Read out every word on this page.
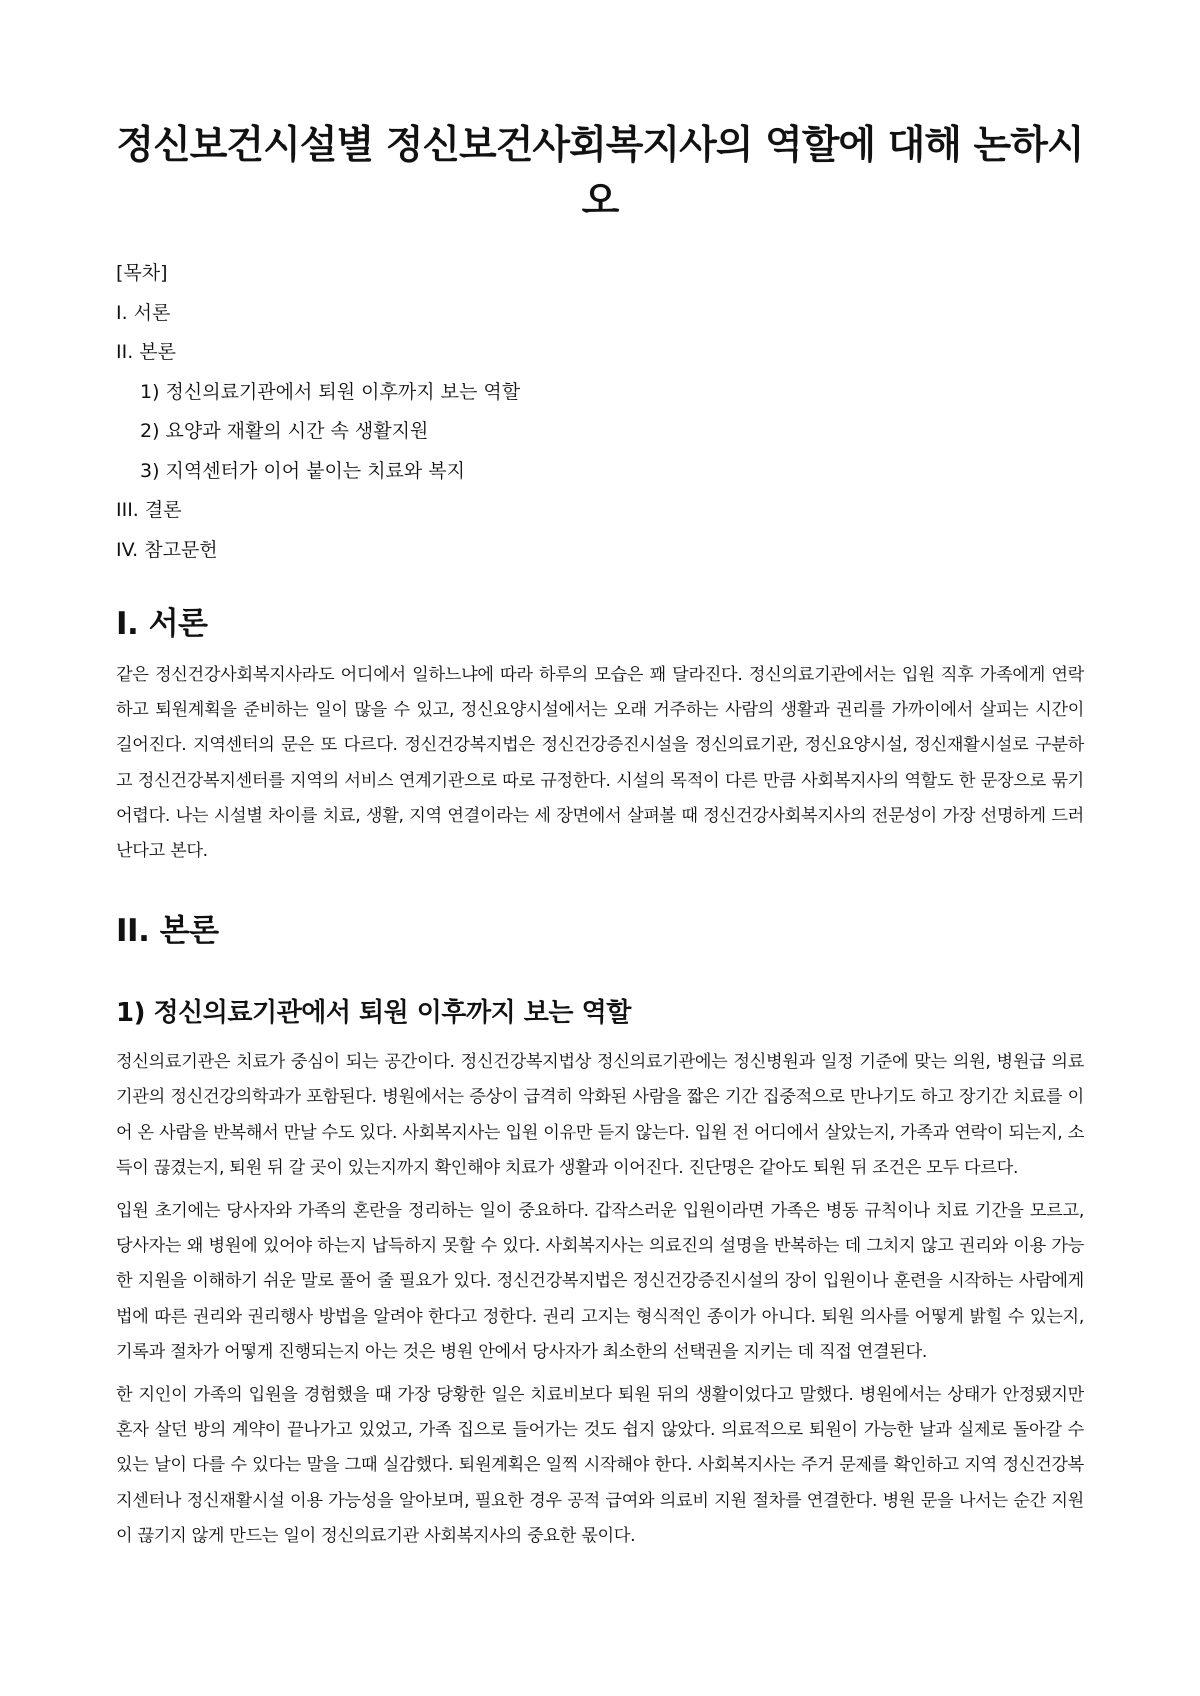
정신보건시설별 정신보건사회복지사의 역할에 대해 논하시오
[목차]
I. 서론
II. 본론
1) 정신의료기관에서 퇴원 이후까지 보는 역할
2) 요양과 재활의 시간 속 생활지원
3) 지역센터가 이어 붙이는 치료와 복지
III. 결론
IV. 참고문헌
I. 서론

같은 정신건강사회복지사라도 어디에서 일하느냐에 따라 하루의 모습은 꽤 달라진다. 정신의료기관에서는 입원 직후 가족에게 연락하고 퇴원계획을 준비하는 일이 많을 수 있고, 정신요양시설에서는 오래 거주하는 사람의 생활과 권리를 가까이에서 살피는 시간이 길어진다. 지역센터의 문은 또 다르다. 정신건강복지법은 정신건강증진시설을 정신의료기관, 정신요양시설, 정신재활시설로 구분하고 정신건강복지센터를 지역의 서비스 연계기관으로 따로 규정한다. 시설의 목적이 다른 만큼 사회복지사의 역할도 한 문장으로 묶기 어렵다. 나는 시설별 차이를 치료, 생활, 지역 연결이라는 세 장면에서 살펴볼 때 정신건강사회복지사의 전문성이 가장 선명하게 드러난다고 본다.

II. 본론
1) 정신의료기관에서 퇴원 이후까지 보는 역할

정신의료기관은 치료가 중심이 되는 공간이다. 정신건강복지법상 정신의료기관에는 정신병원과 일정 기준에 맞는 의원, 병원급 의료기관의 정신건강의학과가 포함된다. 병원에서는 증상이 급격히 악화된 사람을 짧은 기간 집중적으로 만나기도 하고 장기간 치료를 이어 온 사람을 반복해서 만날 수도 있다. 사회복지사는 입원 이유만 듣지 않는다. 입원 전 어디에서 살았는지, 가족과 연락이 되는지, 소득이 끊겼는지, 퇴원 뒤 갈 곳이 있는지까지 확인해야 치료가 생활과 이어진다. 진단명은 같아도 퇴원 뒤 조건은 모두 다르다.

입원 초기에는 당사자와 가족의 혼란을 정리하는 일이 중요하다. 갑작스러운 입원이라면 가족은 병동 규칙이나 치료 기간을 모르고, 당사자는 왜 병원에 있어야 하는지 납득하지 못할 수 있다. 사회복지사는 의료진의 설명을 반복하는 데 그치지 않고 권리와 이용 가능한 지원을 이해하기 쉬운 말로 풀어 줄 필요가 있다. 정신건강복지법은 정신건강증진시설의 장이 입원이나 훈련을 시작하는 사람에게 법에 따른 권리와 권리행사 방법을 알려야 한다고 정한다. 권리 고지는 형식적인 종이가 아니다. 퇴원 의사를 어떻게 밝힐 수 있는지, 기록과 절차가 어떻게 진행되는지 아는 것은 병원 안에서 당사자가 최소한의 선택권을 지키는 데 직접 연결된다.

한 지인이 가족의 입원을 경험했을 때 가장 당황한 일은 치료비보다 퇴원 뒤의 생활이었다고 말했다. 병원에서는 상태가 안정됐지만 혼자 살던 방의 계약이 끝나가고 있었고, 가족 집으로 들어가는 것도 쉽지 않았다. 의료적으로 퇴원이 가능한 날과 실제로 돌아갈 수 있는 날이 다를 수 있다는 말을 그때 실감했다. 퇴원계획은 일찍 시작해야 한다. 사회복지사는 주거 문제를 확인하고 지역 정신건강복지센터나 정신재활시설 이용 가능성을 알아보며, 필요한 경우 공적 급여와 의료비 지원 절차를 연결한다. 병원 문을 나서는 순간 지원이 끊기지 않게 만드는 일이 정신의료기관 사회복지사의 중요한 몫이다.
